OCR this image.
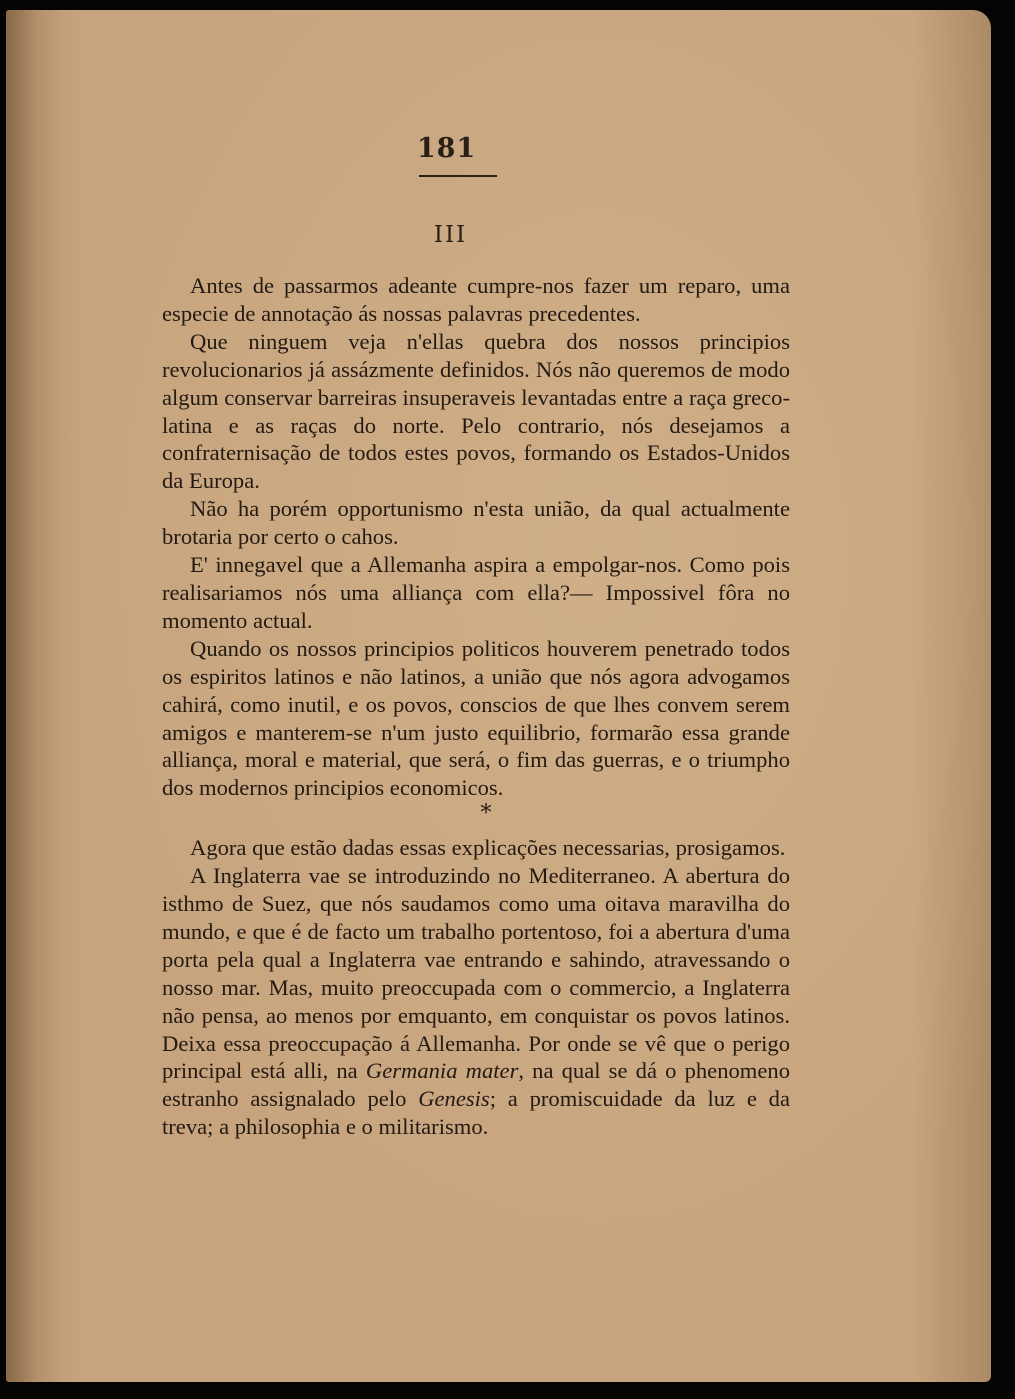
181
III

Antes de passarmos adeante cumpre-nos fazer um reparo, uma especie de annotação ás nossas palavras precedentes.

Que ninguem veja n'ellas quebra dos nossos principios revolucionarios já assázmente definidos. Nós não queremos de modo algum conservar barreiras insuperaveis levantadas entre a raça greco-latina e as raças do norte. Pelo contrario, nós desejamos a confraternisação de todos estes povos, formando os Estados-Unidos da Europa.

Não ha porém opportunismo n'esta união, da qual actualmente brotaria por certo o cahos.

E' innegavel que a Allemanha aspira a empolgar-nos. Como pois realisariamos nós uma alliança com ella?— Impossivel fôra no momento actual.

Quando os nossos principios politicos houverem penetrado todos os espiritos latinos e não latinos, a união que nós agora advogamos cahirá, como inutil, e os povos, conscios de que lhes convem serem amigos e manterem-se n'um justo equilibrio, formarão essa grande alliança, moral e material, que será, o fim das guerras, e o triumpho dos modernos principios economicos.

*

Agora que estão dadas essas explicações necessarias, prosigamos.

A Inglaterra vae se introduzindo no Mediterraneo. A abertura do isthmo de Suez, que nós saudamos como uma oitava maravilha do mundo, e que é de facto um trabalho portentoso, foi a abertura d'uma porta pela qual a Inglaterra vae entrando e sahindo, atravessando o nosso mar. Mas, muito preoccupada com o commercio, a Inglaterra não pensa, ao menos por emquanto, em conquistar os povos latinos. Deixa essa preoccupação á Allemanha. Por onde se vê que o perigo principal está alli, na Germania mater, na qual se dá o phenomeno estranho assignalado pelo Genesis; a promiscuidade da luz e da treva; a philosophia e o militarismo.
